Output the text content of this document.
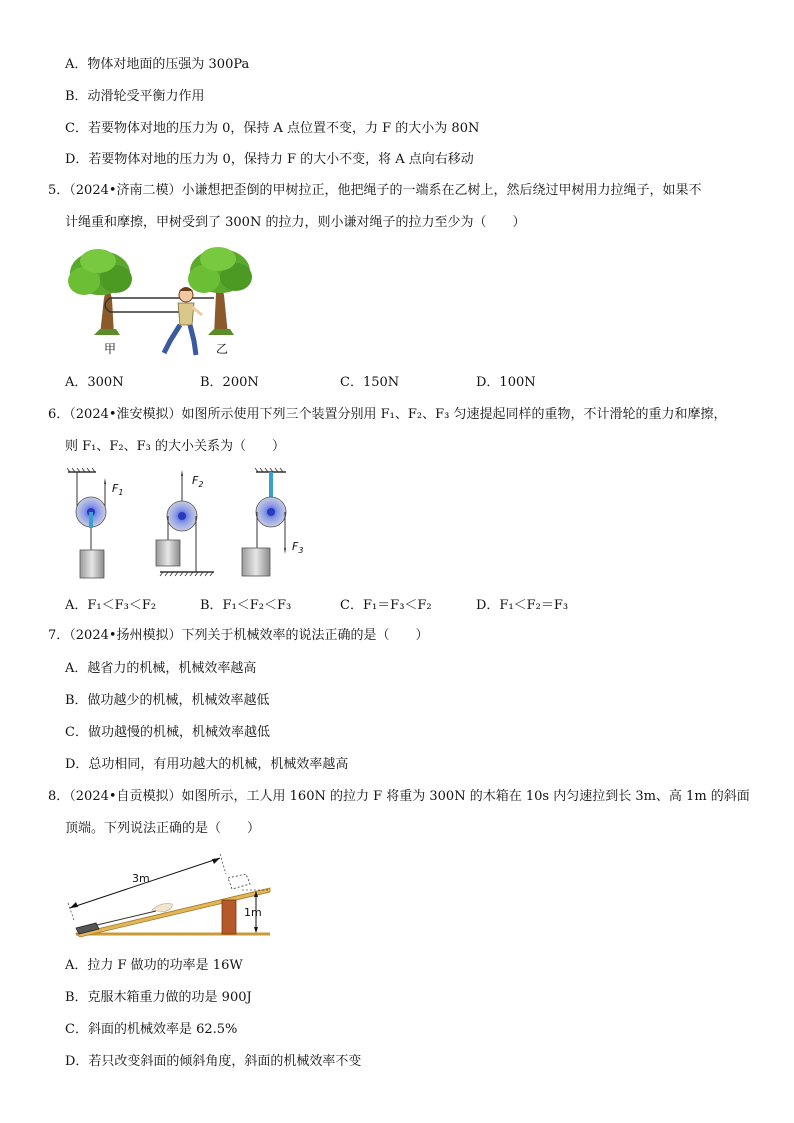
A．物体对地面的压强为 300Pa
B．动滑轮受平衡力作用
C．若要物体对地的压力为 0，保持 A 点位置不变，力 F 的大小为 80N
D．若要物体对地的压力为 0，保持力 F 的大小不变，将 A 点向右移动
5．（2024•济南二模）小谦想把歪倒的甲树拉正，他把绳子的一端系在乙树上，然后绕过甲树用力拉绳子，如果不
计绳重和摩擦，甲树受到了 300N 的拉力，则小谦对绳子的拉力至少为（　　）
甲	乙
A．300N	B．200N	C．150N	D．100N
6．（2024•淮安模拟）如图所示使用下列三个装置分别用 F₁、F₂、F₃ 匀速提起同样的重物，不计滑轮的重力和摩擦，
则 F₁、F₂、F₃ 的大小关系为（　　）
$F_1$
$F_2$
$F_3$
A．F₁＜F₃＜F₂	B．F₁＜F₂＜F₃	C．F₁＝F₃＜F₂	D．F₁＜F₂＝F₃
7．（2024•扬州模拟）下列关于机械效率的说法正确的是（　　）
A．越省力的机械，机械效率越高
B．做功越少的机械，机械效率越低
C．做功越慢的机械，机械效率越低
D．总功相同，有用功越大的机械，机械效率越高
8．（2024•自贡模拟）如图所示，工人用 160N 的拉力 F 将重为 300N 的木箱在 10s 内匀速拉到长 3m、高 1m 的斜面
顶端。下列说法正确的是（　　）
3m
1m
A．拉力 F 做功的功率是 16W
B．克服木箱重力做的功是 900J
C．斜面的机械效率是 62.5%
D．若只改变斜面的倾斜角度，斜面的机械效率不变
